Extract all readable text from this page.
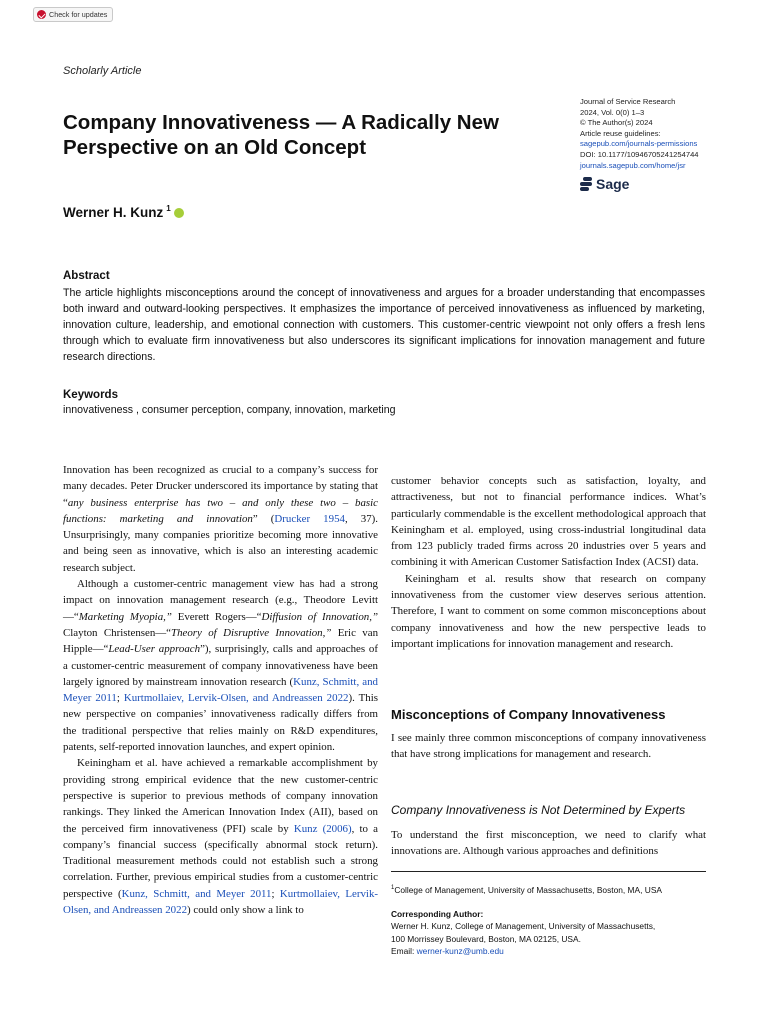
Check for updates
Scholarly Article
Company Innovativeness — A Radically New Perspective on an Old Concept
Journal of Service Research
2024, Vol. 0(0) 1–3
© The Author(s) 2024
Article reuse guidelines:
sagepub.com/journals-permissions
DOI: 10.1177/10946705241254744
journals.sagepub.com/home/jsr
Sage
Werner H. Kunz $^1$
Abstract
The article highlights misconceptions around the concept of innovativeness and argues for a broader understanding that encompasses both inward and outward-looking perspectives. It emphasizes the importance of perceived innovativeness as influenced by marketing, innovation culture, leadership, and emotional connection with customers. This customer-centric viewpoint not only offers a fresh lens through which to evaluate firm innovativeness but also underscores its significant implications for innovation management and future research directions.
Keywords
innovativeness , consumer perception, company, innovation, marketing

Innovation has been recognized as crucial to a company’s success for many decades. Peter Drucker underscored its importance by stating that “any business enterprise has two – and only these two – basic functions: marketing and innovation” (Drucker 1954, 37). Unsurprisingly, many companies prioritize becoming more innovative and being seen as innovative, which is also an interesting academic research subject.

Although a customer-centric management view has had a strong impact on innovation management research (e.g., Theodore Levitt—“Marketing Myopia,” Everett Rogers—“Diffusion of Innovation,” Clayton Christensen—“Theory of Disruptive Innovation,” Eric van Hipple—“Lead-User approach”), surprisingly, calls and approaches of a customer-centric measurement of company innovativeness have been largely ignored by mainstream innovation research (Kunz, Schmitt, and Meyer 2011; Kurtmollaiev, Lervik-Olsen, and Andreassen 2022). This new perspective on companies’ innovativeness radically differs from the traditional perspective that relies mainly on R&D expenditures, patents, self-reported innovation launches, and expert opinion.

Keiningham et al. have achieved a remarkable accomplishment by providing strong empirical evidence that the new customer-centric perspective is superior to previous methods of company innovation rankings. They linked the American Innovation Index (AII), based on the perceived firm innovativeness (PFI) scale by Kunz (2006), to a company’s financial success (specifically abnormal stock return). Traditional measurement methods could not establish such a strong correlation. Further, previous empirical studies from a customer-centric perspective (Kunz, Schmitt, and Meyer 2011; Kurtmollaiev, Lervik-Olsen, and Andreassen 2022) could only show a link to

customer behavior concepts such as satisfaction, loyalty, and attractiveness, but not to financial performance indices. What’s particularly commendable is the excellent methodological approach that Keiningham et al. employed, using cross-industrial longitudinal data from 123 publicly traded firms across 20 industries over 5 years and combining it with American Customer Satisfaction Index (ACSI) data.

Keiningham et al. results show that research on company innovativeness from the customer view deserves serious attention. Therefore, I want to comment on some common misconceptions about company innovativeness and how the new perspective leads to important implications for innovation management and research.

Misconceptions of Company Innovativeness

I see mainly three common misconceptions of company innovativeness that have strong implications for management and research.

Company Innovativeness is Not Determined by Experts

To understand the first misconception, we need to clarify what innovations are. Although various approaches and definitions

$^1$College of Management, University of Massachusetts, Boston, MA, USA
Corresponding Author:
Werner H. Kunz, College of Management, University of Massachusetts,
100 Morrissey Boulevard, Boston, MA 02125, USA.
Email: werner-kunz@umb.edu
